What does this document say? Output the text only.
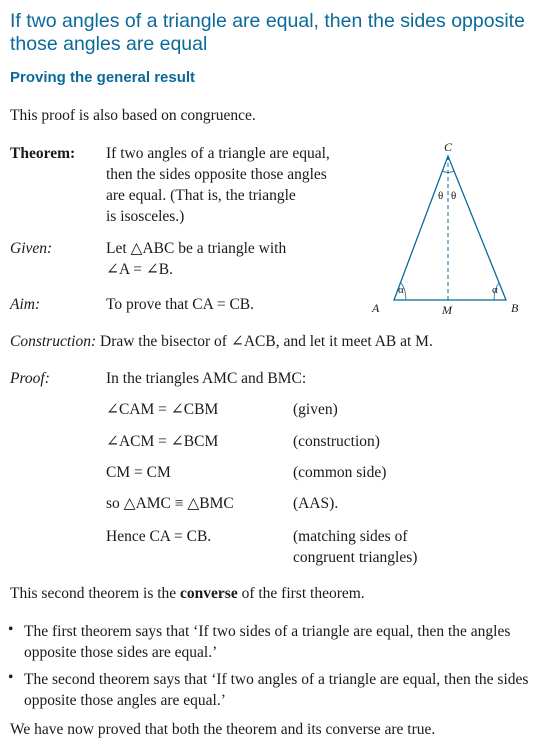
If two angles of a triangle are equal, then the sides opposite those angles are equal
Proving the general result
This proof is also based on congruence.
Theorem: If two angles of a triangle are equal,
then the sides opposite those angles
are equal. (That is, the triangle
is isosceles.)
Given:	Let △ABC be a triangle with
∠A = ∠B.
Aim:	To prove that CA = CB.
Construction: Draw the bisector of ∠ACB, and let it meet AB at M.
Proof:	In the triangles AMC and BMC:
∠CAM = ∠CBM	(given)
∠ACM = ∠BCM	(construction)
CM = CM	(common side)
so △AMC ≡ △BMC	(AAS).
Hence CA = CB.	(matching sides of
congruent triangles)
This second theorem is the converse of the first theorem.
• The first theorem says that ‘If two sides of a triangle are equal, then the angles opposite those sides are equal.’
• The second theorem says that ‘If two angles of a triangle are equal, then the sides opposite those angles are equal.’
We have now proved that both the theorem and its converse are true.
C
A	B
M
θ θ
α	α
